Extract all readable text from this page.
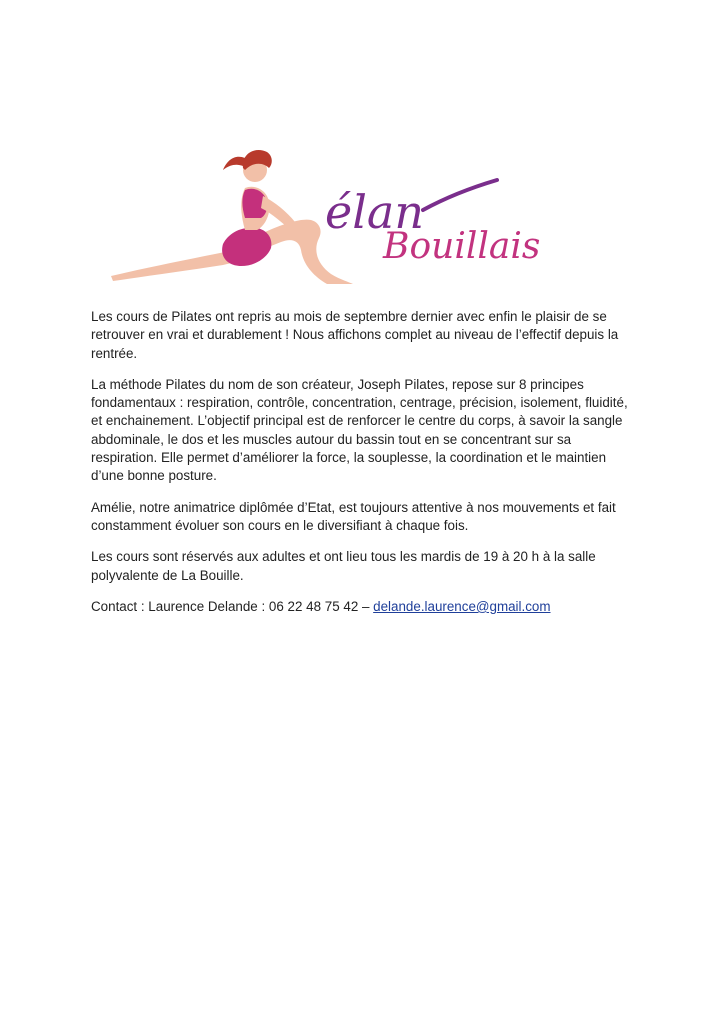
élan
Bouillais

Les cours de Pilates ont repris au mois de septembre dernier avec enfin le plaisir de se retrouver en vrai et durablement ! Nous affichons complet au niveau de l’effectif depuis la rentrée.

La méthode Pilates du nom de son créateur, Joseph Pilates, repose sur 8 principes fondamentaux : respiration, contrôle, concentration, centrage, précision, isolement, fluidité, et enchainement. L’objectif principal est de renforcer le centre du corps, à savoir la sangle abdominale, le dos et les muscles autour du bassin tout en se concentrant sur sa respiration. Elle permet d’améliorer la force, la souplesse, la coordination et le maintien d’une bonne posture.

Amélie, notre animatrice diplômée d’Etat, est toujours attentive à nos mouvements et fait constamment évoluer son cours en le diversifiant à chaque fois.

Les cours sont réservés aux adultes et ont lieu tous les mardis de 19 à 20 h à la salle polyvalente de La Bouille.

Contact : Laurence Delande : 06 22 48 75 42 – delande.laurence@gmail.com
